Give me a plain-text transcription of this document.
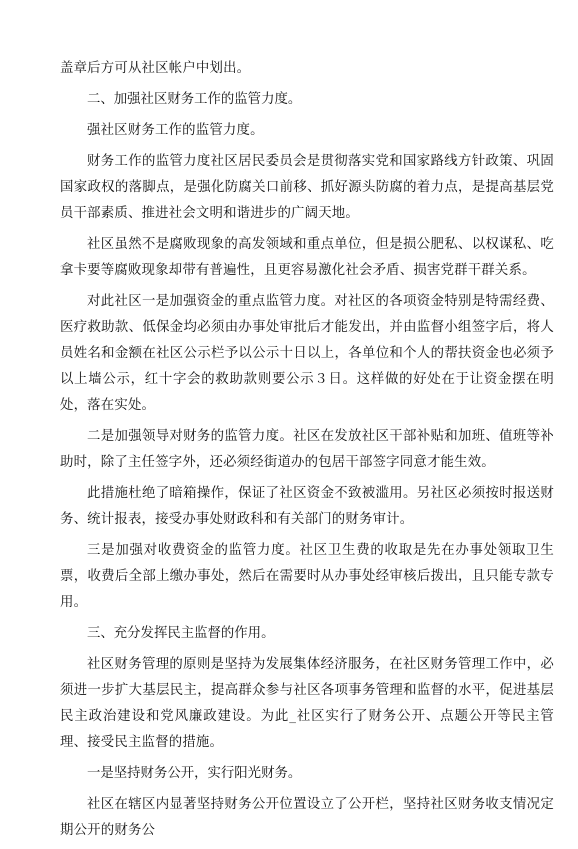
盖章后方可从社区帐户中划出。

二、加强社区财务工作的监管力度。

强社区财务工作的监管力度。

财务工作的监管力度社区居民委员会是贯彻落实党和国家路线方针政策、巩固国家政权的落脚点，是强化防腐关口前移、抓好源头防腐的着力点，是提高基层党员干部素质、推进社会文明和谐进步的广阔天地。

社区虽然不是腐败现象的高发领域和重点单位，但是损公肥私、以权谋私、吃拿卡要等腐败现象却带有普遍性，且更容易激化社会矛盾、损害党群干群关系。

对此社区一是加强资金的重点监管力度。对社区的各项资金特别是特需经费、医疗救助款、低保金均必须由办事处审批后才能发出，并由监督小组签字后，将人员姓名和金额在社区公示栏予以公示十日以上，各单位和个人的帮扶资金也必须予以上墙公示，红十字会的救助款则要公示３日。这样做的好处在于让资金摆在明处，落在实处。

二是加强领导对财务的监管力度。社区在发放社区干部补贴和加班、值班等补助时，除了主任签字外，还必须经街道办的包居干部签字同意才能生效。

此措施杜绝了暗箱操作，保证了社区资金不致被滥用。另社区必须按时报送财务、统计报表，接受办事处财政科和有关部门的财务审计。

三是加强对收费资金的监管力度。社区卫生费的收取是先在办事处领取卫生票，收费后全部上缴办事处，然后在需要时从办事处经审核后拨出，且只能专款专用。

三、充分发挥民主监督的作用。

社区财务管理的原则是坚持为发展集体经济服务，在社区财务管理工作中，必须进一步扩大基层民主，提高群众参与社区各项事务管理和监督的水平，促进基层民主政治建设和党风廉政建设。为此_社区实行了财务公开、点题公开等民主管理、接受民主监督的措施。

一是坚持财务公开，实行阳光财务。

社区在辖区内显著坚持财务公开位置设立了公开栏，坚持社区财务收支情况定期公开的财务公
